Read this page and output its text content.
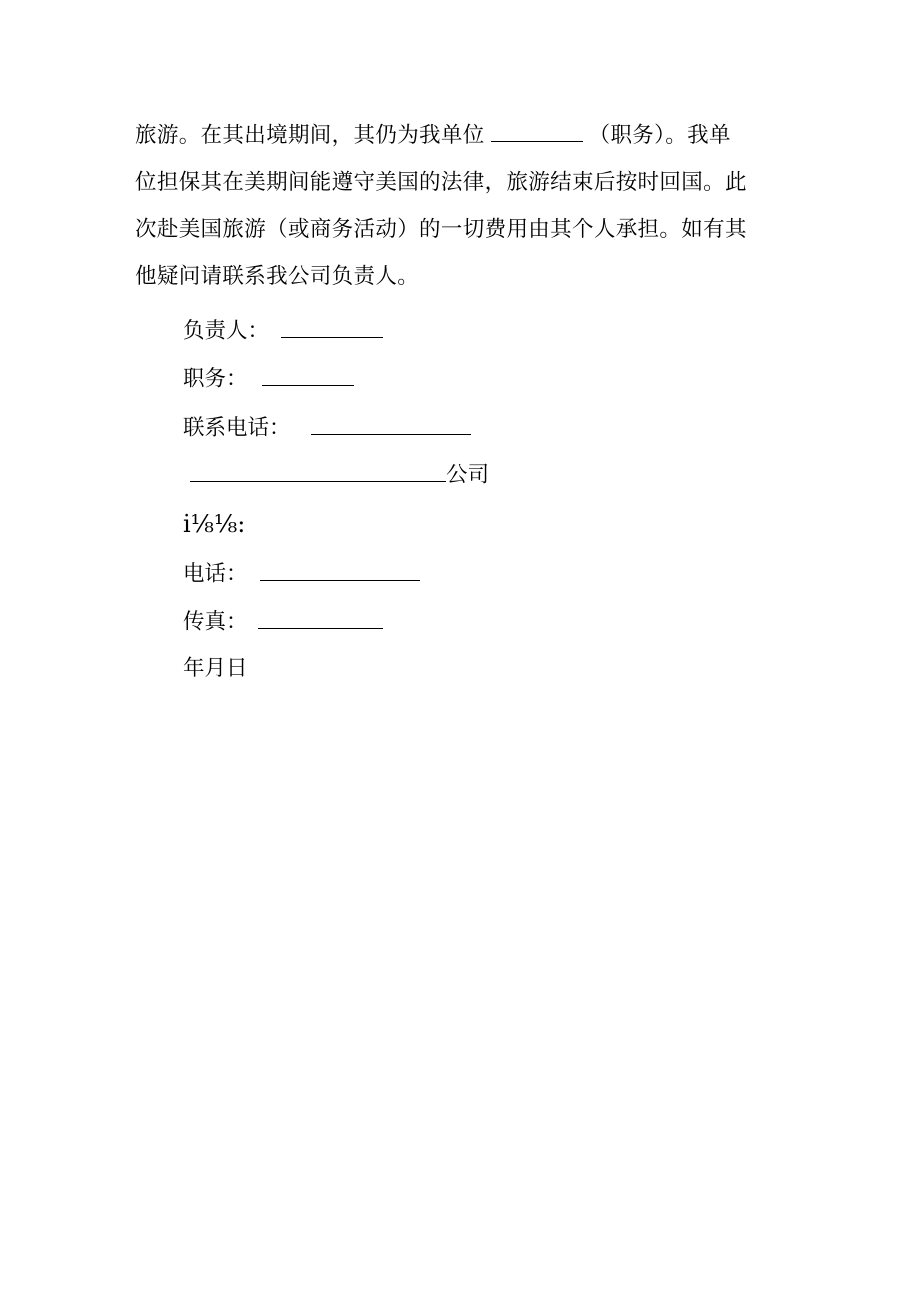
旅游。在其出境期间，其仍为我单位	（职务）。我单
位担保其在美期间能遵守美国的法律，旅游结束后按时回国。此
次赴美国旅游（或商务活动）的一切费用由其个人承担。如有其
他疑问请联系我公司负责人。

负责人：
职务：
联系电话：
公司
i⅛⅛:
电话：
传真：
年月日
